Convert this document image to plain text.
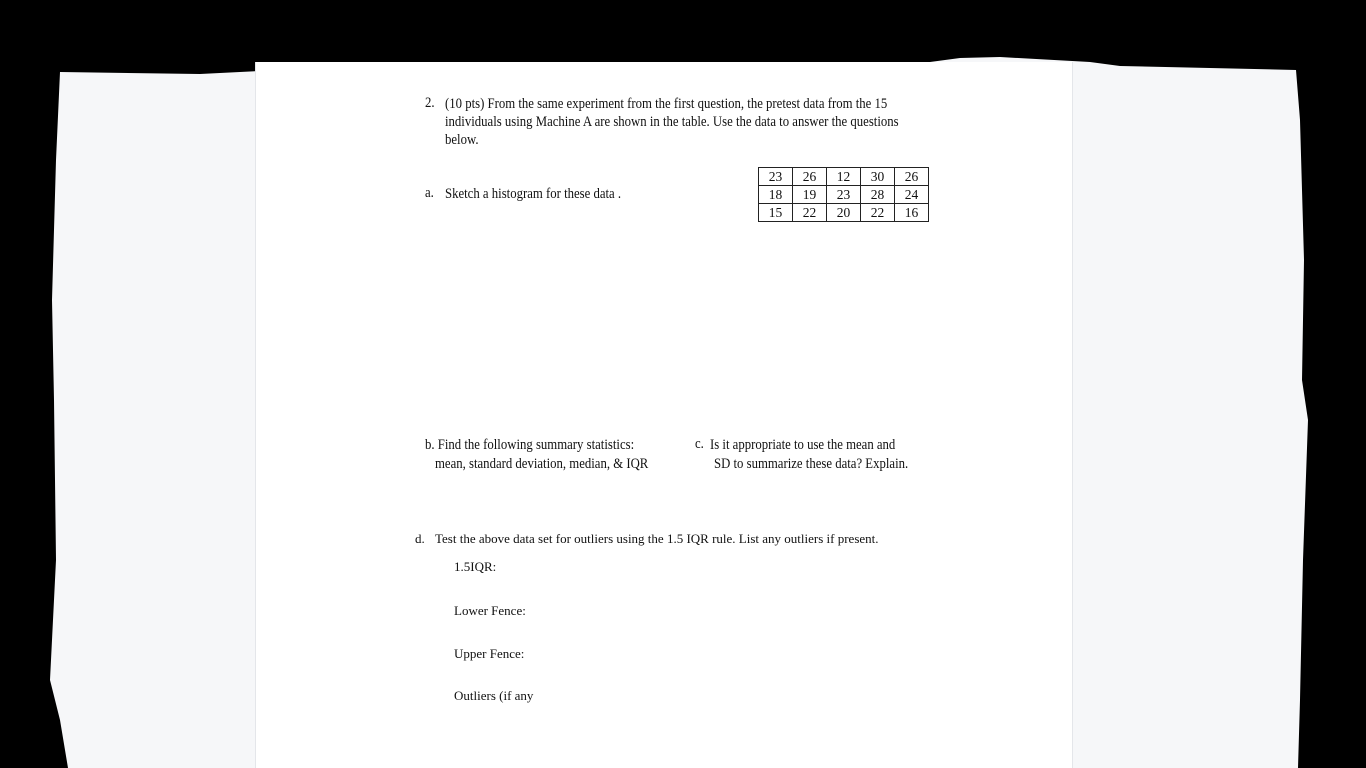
2. (10 pts) From the same experiment from the first question, the pretest data from the 15
individuals using Machine A are shown in the table. Use the data to answer the questions
below.
a. Sketch a histogram for these data .
23	26	12	30	26
18	19	23	28	24
15	22	20	22	16
b. Find the following summary statistics:
mean, standard deviation, median, & IQR
c. Is it appropriate to use the mean and
SD to summarize these data? Explain.
d. Test the above data set for outliers using the 1.5 IQR rule. List any outliers if present.
1.5IQR:
Lower Fence:
Upper Fence:
Outliers (if any
